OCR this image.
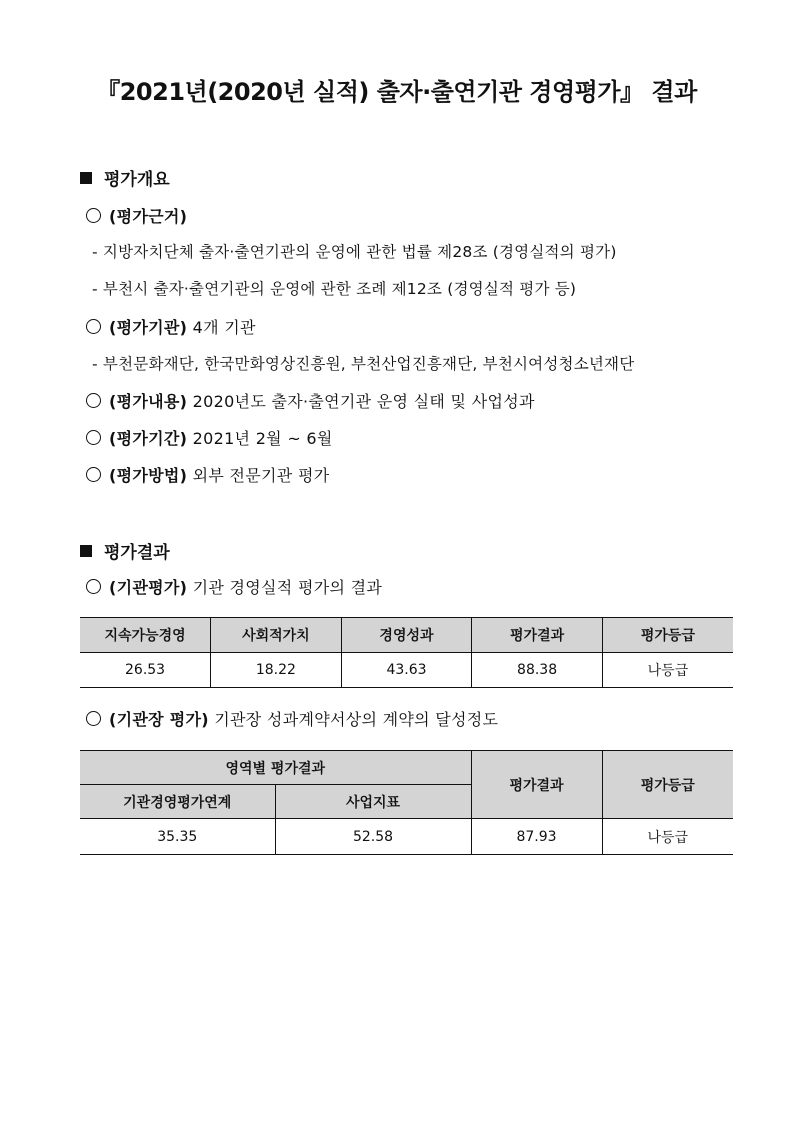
『2021년(2020년 실적) 출자·출연기관 경영평가』 결과
평가개요
(평가근거)
- 지방자치단체 출자·출연기관의 운영에 관한 법률 제28조 (경영실적의 평가)
- 부천시 출자·출연기관의 운영에 관한 조례 제12조 (경영실적 평가 등)
(평가기관) 4개 기관
- 부천문화재단, 한국만화영상진흥원, 부천산업진흥재단, 부천시여성청소년재단
(평가내용) 2020년도 출자·출연기관 운영 실태 및 사업성과
(평가기간) 2021년 2월 ~ 6월
(평가방법) 외부 전문기관 평가
평가결과
(기관평가) 기관 경영실적 평가의 결과
지속가능경영	사회적가치	경영성과	평가결과	평가등급
26.53	18.22	43.63	88.38	나등급
(기관장 평가) 기관장 성과계약서상의 계약의 달성정도
영역별 평가결과		평가결과	평가등급
기관경영평가연계	사업지표		
35.35	52.58	87.93	나등급
